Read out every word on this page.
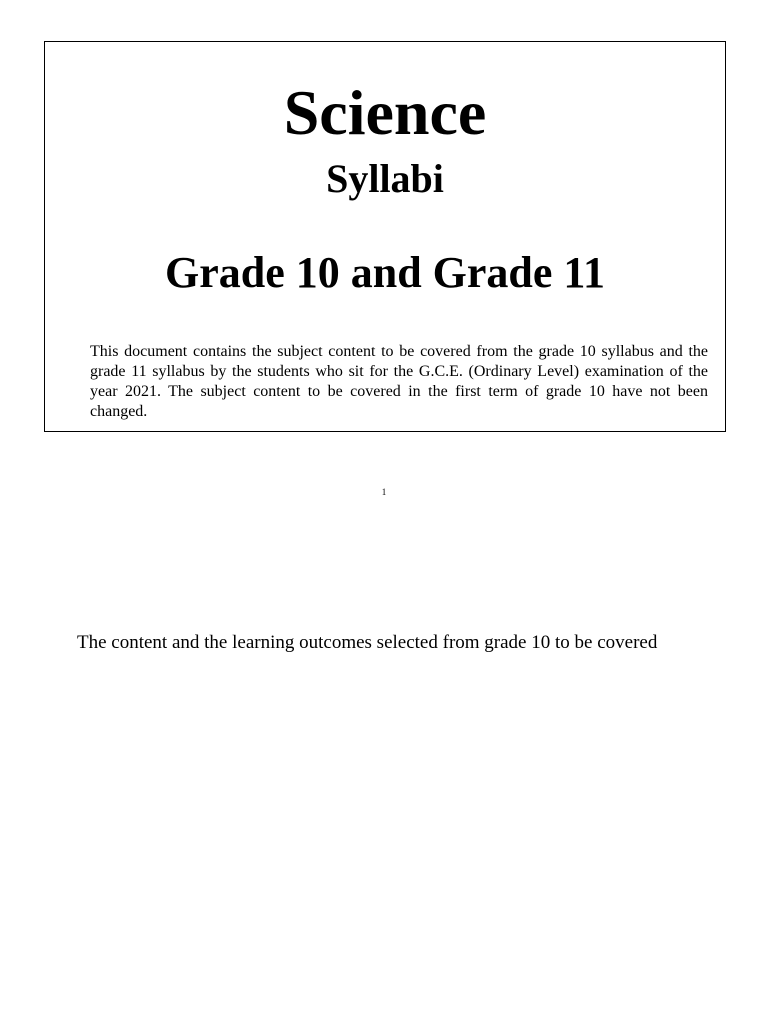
Science
Syllabi
Grade 10 and Grade 11

This document contains the subject content to be covered from the grade 10 syllabus and the grade 11 syllabus by the students who sit for the G.C.E. (Ordinary Level) examination of the year 2021. The subject content to be covered in the first term of grade 10 have not been changed.

1

The content and the learning outcomes selected from grade 10 to be covered
